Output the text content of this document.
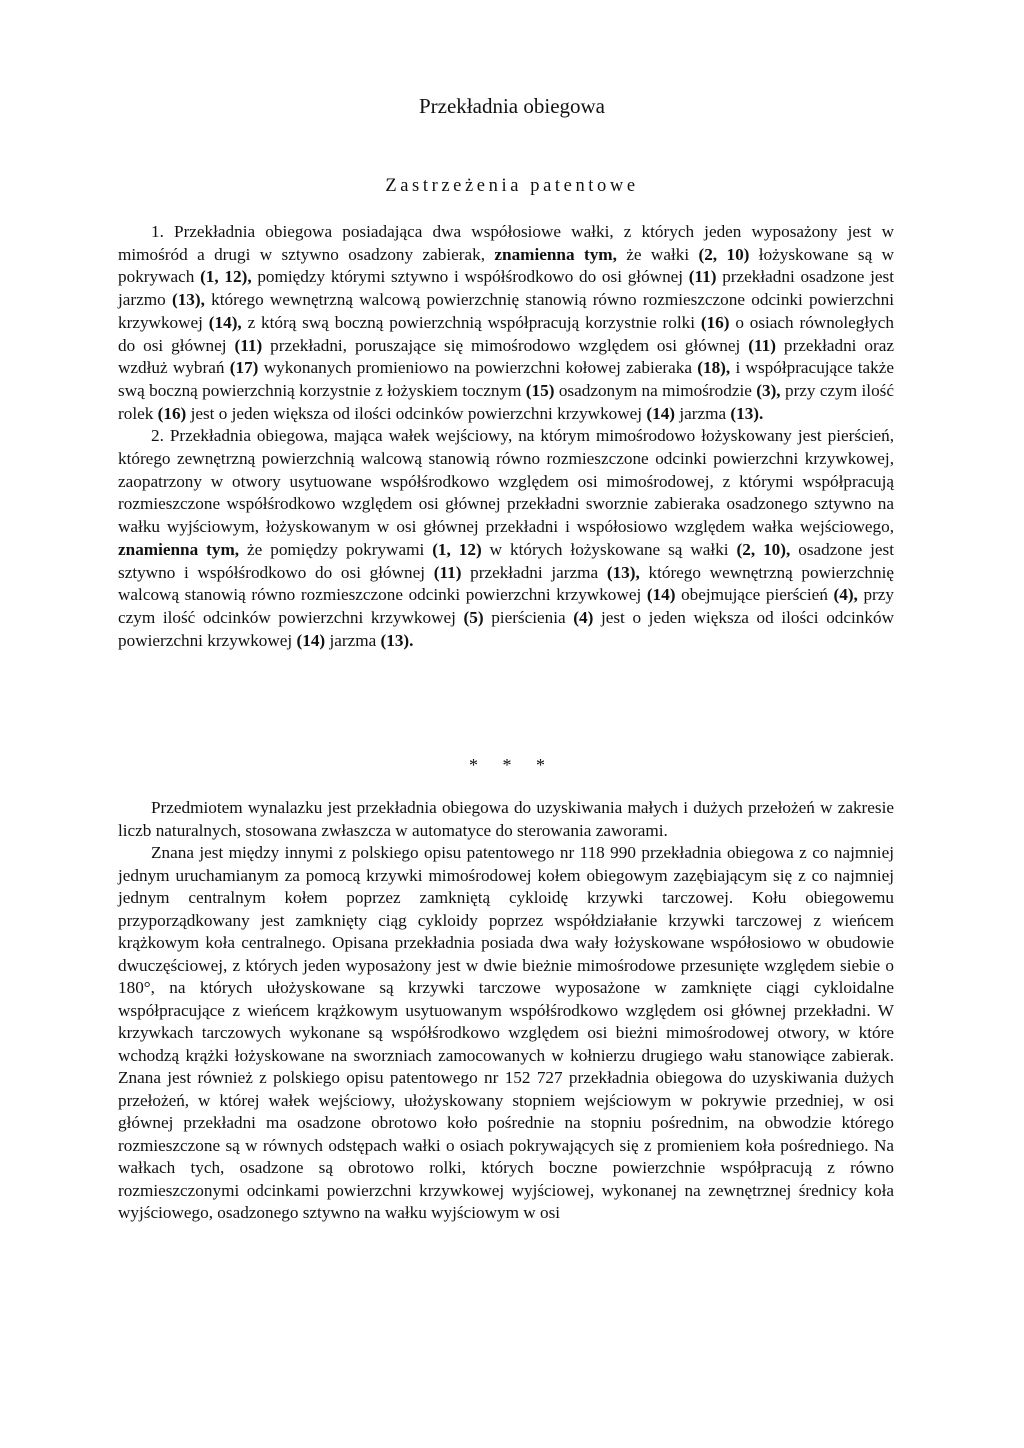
Przekładnia obiegowa
Zastrzeżenia patentowe

1. Przekładnia obiegowa posiadająca dwa współosiowe wałki, z których jeden wyposażony jest w mimośród a drugi w sztywno osadzony zabierak, znamienna tym, że wałki (2, 10) łożyskowane są w pokrywach (1, 12), pomiędzy którymi sztywno i współśrodkowo do osi głównej (11) przekładni osadzone jest jarzmo (13), którego wewnętrzną walcową powierzchnię stanowią równo rozmieszczone odcinki powierzchni krzywkowej (14), z którą swą boczną powierzchnią współpracują korzystnie rolki (16) o osiach równoległych do osi głównej (11) przekładni, poruszające się mimośrodowo względem osi głównej (11) przekładni oraz wzdłuż wybrań (17) wykonanych promieniowo na powierzchni kołowej zabieraka (18), i współpracujące także swą boczną powierzchnią korzystnie z łożyskiem tocznym (15) osadzonym na mimośrodzie (3), przy czym ilość rolek (16) jest o jeden większa od ilości odcinków powierzchni krzywkowej (14) jarzma (13).

2. Przekładnia obiegowa, mająca wałek wejściowy, na którym mimośrodowo łożyskowany jest pierścień, którego zewnętrzną powierzchnią walcową stanowią równo rozmieszczone odcinki powierzchni krzywkowej, zaopatrzony w otwory usytuowane współśrodkowo względem osi mimośrodowej, z którymi współpracują rozmieszczone współśrodkowo względem osi głównej przekładni sworznie zabieraka osadzonego sztywno na wałku wyjściowym, łożyskowanym w osi głównej przekładni i współosiowo względem wałka wejściowego, znamienna tym, że pomiędzy pokrywami (1, 12) w których łożyskowane są wałki (2, 10), osadzone jest sztywno i współśrodkowo do osi głównej (11) przekładni jarzma (13), którego wewnętrzną powierzchnię walcową stanowią równo rozmieszczone odcinki powierzchni krzywkowej (14) obejmujące pierścień (4), przy czym ilość odcinków powierzchni krzywkowej (5) pierścienia (4) jest o jeden większa od ilości odcinków powierzchni krzywkowej (14) jarzma (13).

* * *

Przedmiotem wynalazku jest przekładnia obiegowa do uzyskiwania małych i dużych przełożeń w zakresie liczb naturalnych, stosowana zwłaszcza w automatyce do sterowania zaworami.

Znana jest między innymi z polskiego opisu patentowego nr 118 990 przekładnia obiegowa z co najmniej jednym uruchamianym za pomocą krzywki mimośrodowej kołem obiegowym zazębiającym się z co najmniej jednym centralnym kołem poprzez zamkniętą cykloidę krzywki tarczowej. Kołu obiegowemu przyporządkowany jest zamknięty ciąg cykloidy poprzez współdziałanie krzywki tarczowej z wieńcem krążkowym koła centralnego. Opisana przekładnia posiada dwa wały łożyskowane współosiowo w obudowie dwuczęściowej, z których jeden wyposażony jest w dwie bieżnie mimośrodowe przesunięte względem siebie o 180°, na których ułożyskowane są krzywki tarczowe wyposażone w zamknięte ciągi cykloidalne współpracujące z wieńcem krążkowym usytuowanym współśrodkowo względem osi głównej przekładni. W krzywkach tarczowych wykonane są współśrodkowo względem osi bieżni mimośrodowej otwory, w które wchodzą krążki łożyskowane na sworzniach zamocowanych w kołnierzu drugiego wału stanowiące zabierak. Znana jest również z polskiego opisu patentowego nr 152 727 przekładnia obiegowa do uzyskiwania dużych przełożeń, w której wałek wejściowy, ułożyskowany stopniem wejściowym w pokrywie przedniej, w osi głównej przekładni ma osadzone obrotowo koło pośrednie na stopniu pośrednim, na obwodzie którego rozmieszczone są w równych odstępach wałki o osiach pokrywających się z promieniem koła pośredniego. Na wałkach tych, osadzone są obrotowo rolki, których boczne powierzchnie współpracują z równo rozmieszczonymi odcinkami powierzchni krzywkowej wyjściowej, wykonanej na zewnętrznej średnicy koła wyjściowego, osadzonego sztywno na wałku wyjściowym w osi
